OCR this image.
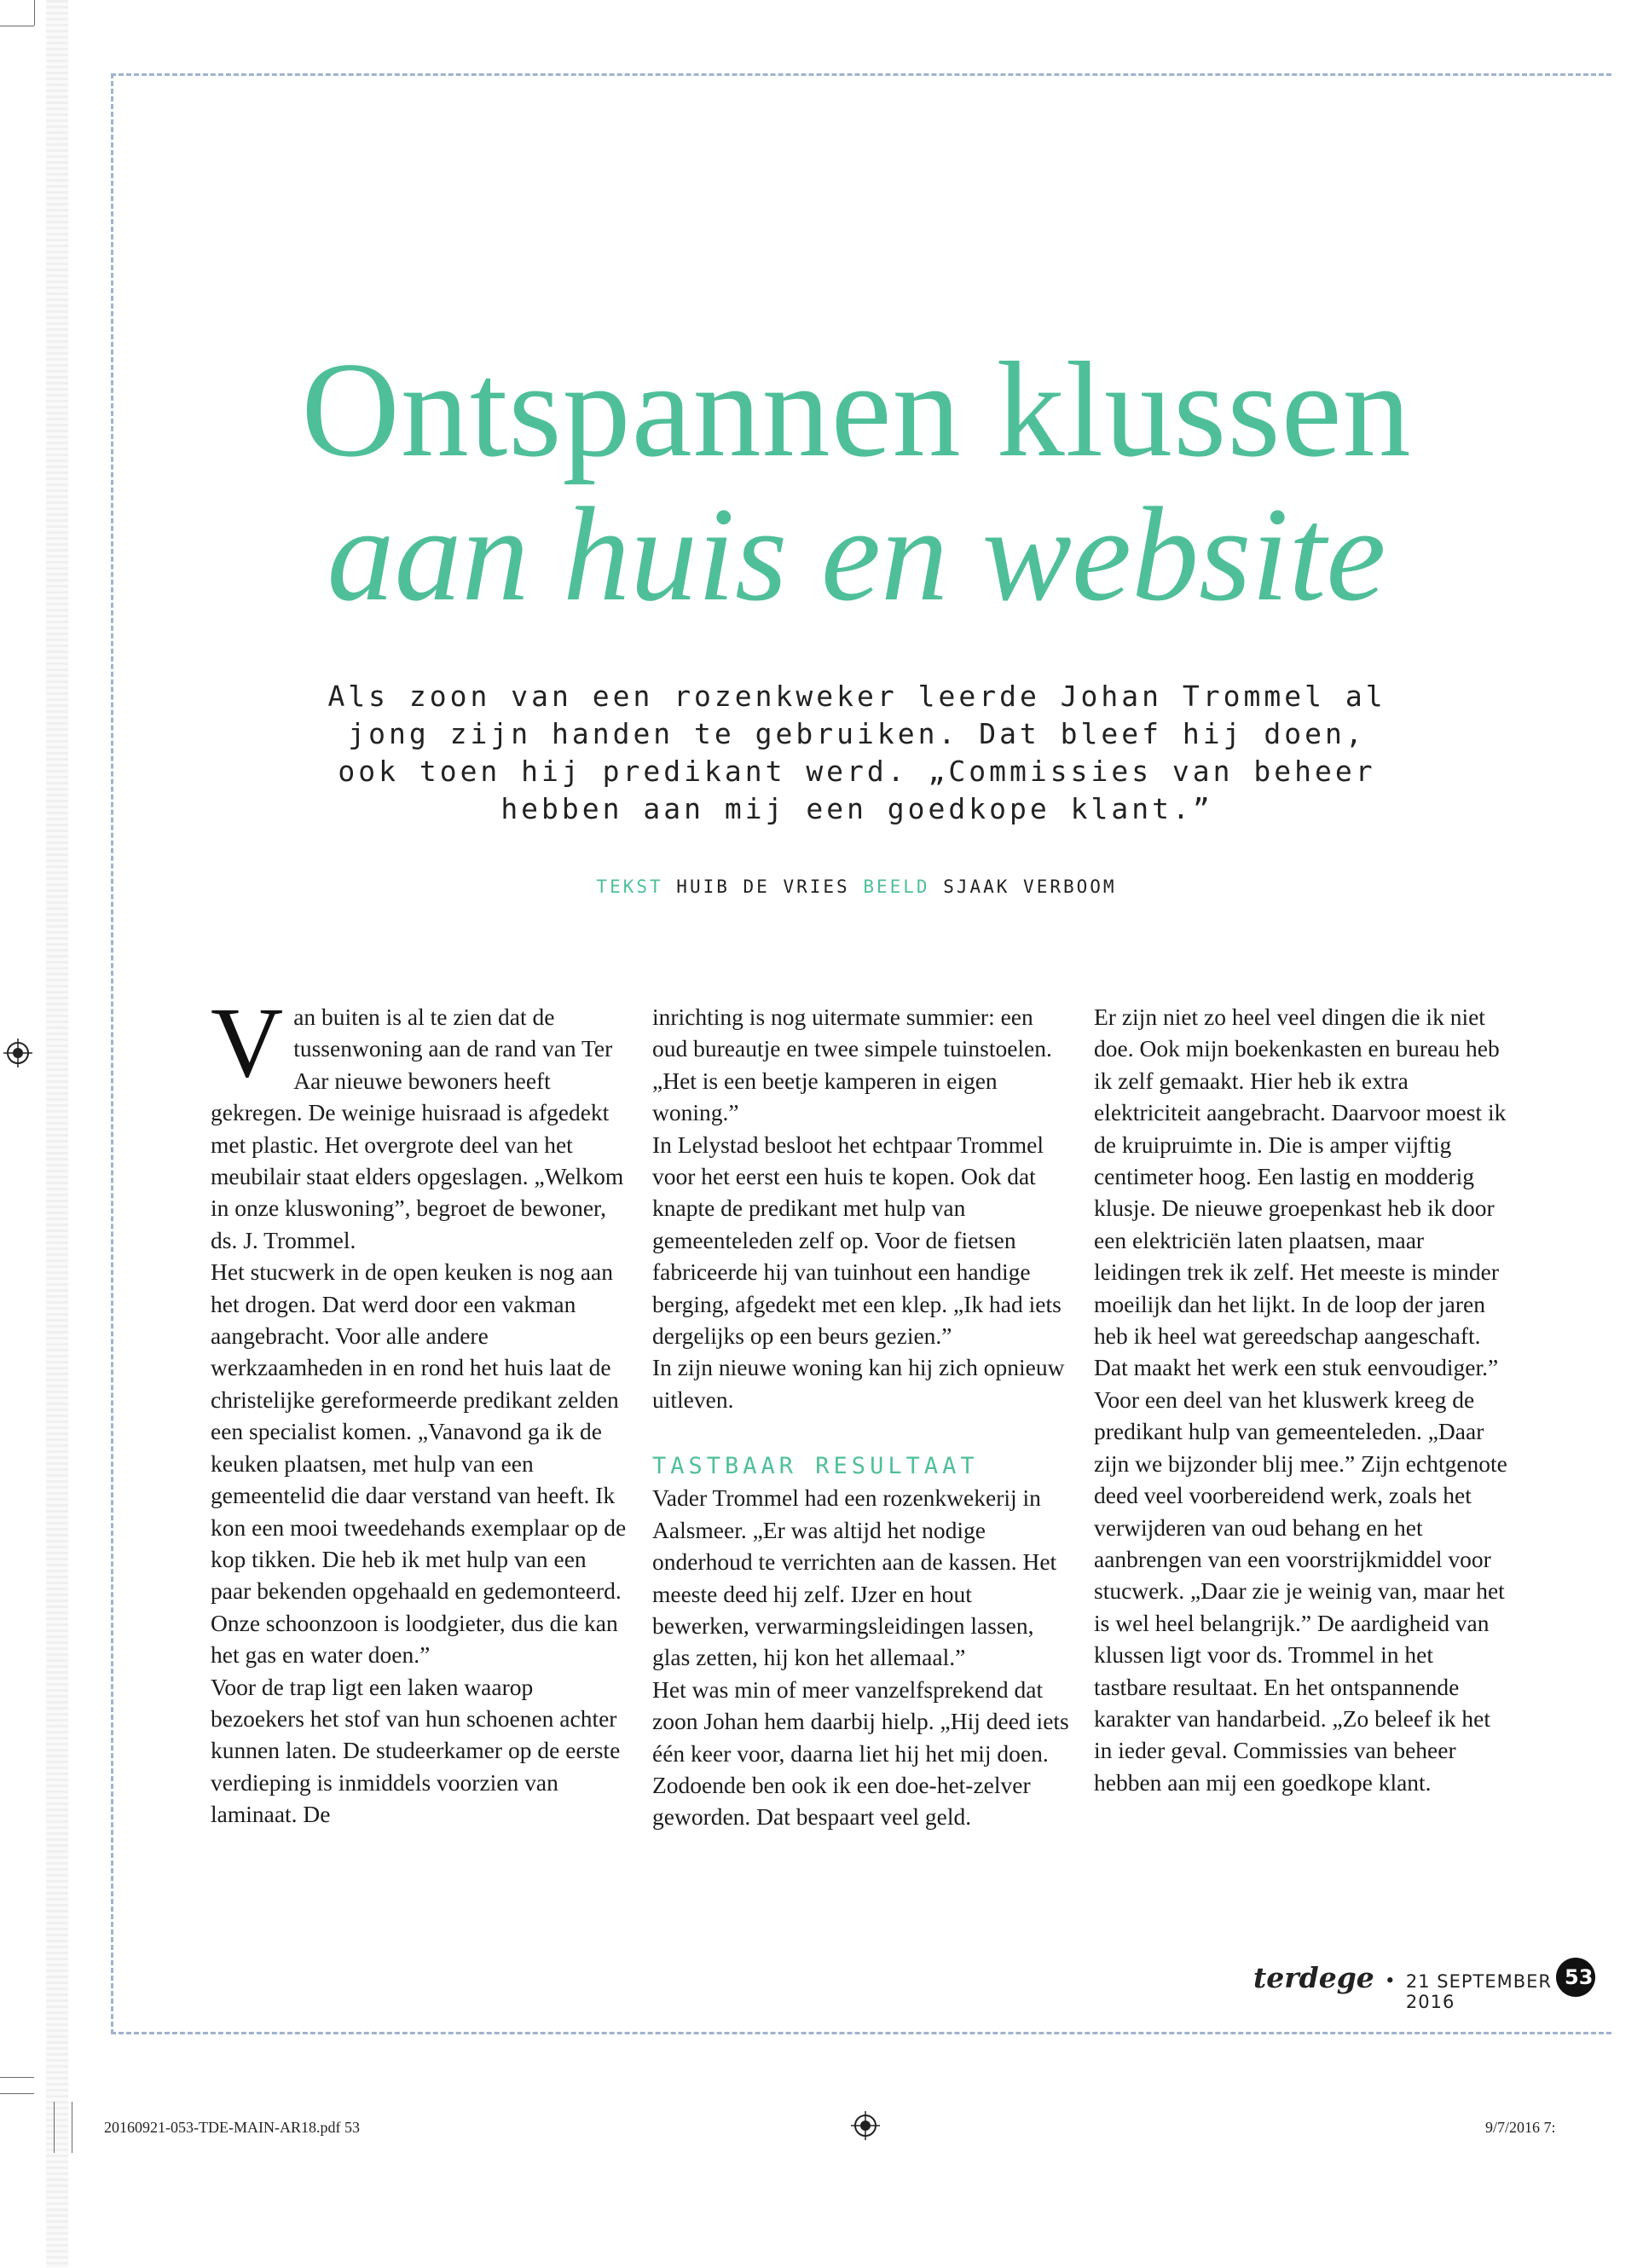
Ontspannen klussen
aan huis en website

Als zoon van een rozenkweker leerde Johan Trommel al jong zijn handen te gebruiken. Dat bleef hij doen, ook toen hij predikant werd. „Commissies van beheer hebben aan mij een goedkope klant.”

TEKST HUIB DE VRIES BEELD SJAAK VERBOOM
V an buiten is al te zien dat de tussenwoning aan de rand van Ter Aar nieuwe bewoners heeft gekregen. De weinige huisraad is afgedekt met plastic. Het overgrote deel van het meubilair staat elders opgeslagen. „Welkom in onze kluswoning”, begroet de bewoner, ds. J. Trommel.

Het stucwerk in de open keuken is nog aan het drogen. Dat werd door een vakman aangebracht. Voor alle andere werkzaamheden in en rond het huis laat de christelijke gereformeerde predikant zelden een specialist komen. „Vanavond ga ik de keuken plaatsen, met hulp van een gemeentelid die daar verstand van heeft. Ik kon een mooi tweedehands exemplaar op de kop tikken. Die heb ik met hulp van een paar bekenden opgehaald en gedemonteerd. Onze schoonzoon is loodgieter, dus die kan het gas en water doen.”

Voor de trap ligt een laken waarop bezoekers het stof van hun schoenen achter kunnen laten. De studeerkamer op de eerste verdieping is inmiddels voorzien van laminaat. De

inrichting is nog uitermate summier: een oud bureautje en twee simpele tuinstoelen. „Het is een beetje kamperen in eigen woning.”

In Lelystad besloot het echtpaar Trommel voor het eerst een huis te kopen. Ook dat knapte de predikant met hulp van gemeenteleden zelf op. Voor de fietsen fabriceerde hij van tuinhout een handige berging, afgedekt met een klep. „Ik had iets dergelijks op een beurs gezien.”

In zijn nieuwe woning kan hij zich opnieuw uitleven.

TASTBAAR RESULTAAT

Vader Trommel had een rozenkwekerij in Aalsmeer. „Er was altijd het nodige onderhoud te verrichten aan de kassen. Het meeste deed hij zelf. IJzer en hout bewerken, verwarmingsleidingen lassen, glas zetten, hij kon het allemaal.”

Het was min of meer vanzelfsprekend dat zoon Johan hem daarbij hielp. „Hij deed iets één keer voor, daarna liet hij het mij doen. Zodoende ben ook ik een doe-het-zelver geworden. Dat bespaart veel geld.

Er zijn niet zo heel veel dingen die ik niet doe. Ook mijn boekenkasten en bureau heb ik zelf gemaakt. Hier heb ik extra elektriciteit aangebracht. Daarvoor moest ik de kruipruimte in. Die is amper vijftig centimeter hoog. Een lastig en modderig klusje. De nieuwe groepenkast heb ik door een elektriciën laten plaatsen, maar leidingen trek ik zelf. Het meeste is minder moeilijk dan het lijkt. In de loop der jaren heb ik heel wat gereedschap aangeschaft. Dat maakt het werk een stuk eenvoudiger.”

Voor een deel van het kluswerk kreeg de predikant hulp van gemeenteleden. „Daar zijn we bijzonder blij mee.” Zijn echtgenote deed veel voorbereidend werk, zoals het verwijderen van oud behang en het aanbrengen van een voorstrijkmiddel voor stucwerk. „Daar zie je weinig van, maar het is wel heel belangrijk.” De aardigheid van klussen ligt voor ds. Trommel in het tastbare resultaat. En het ontspannende karakter van handarbeid. „Zo beleef ik het in ieder geval. Commissies van beheer hebben aan mij een goedkope klant.

terdege • 21 SEPTEMBER 2016
53
20160921-053-TDE-MAIN-AR18.pdf 53	9/7/2016 7:
